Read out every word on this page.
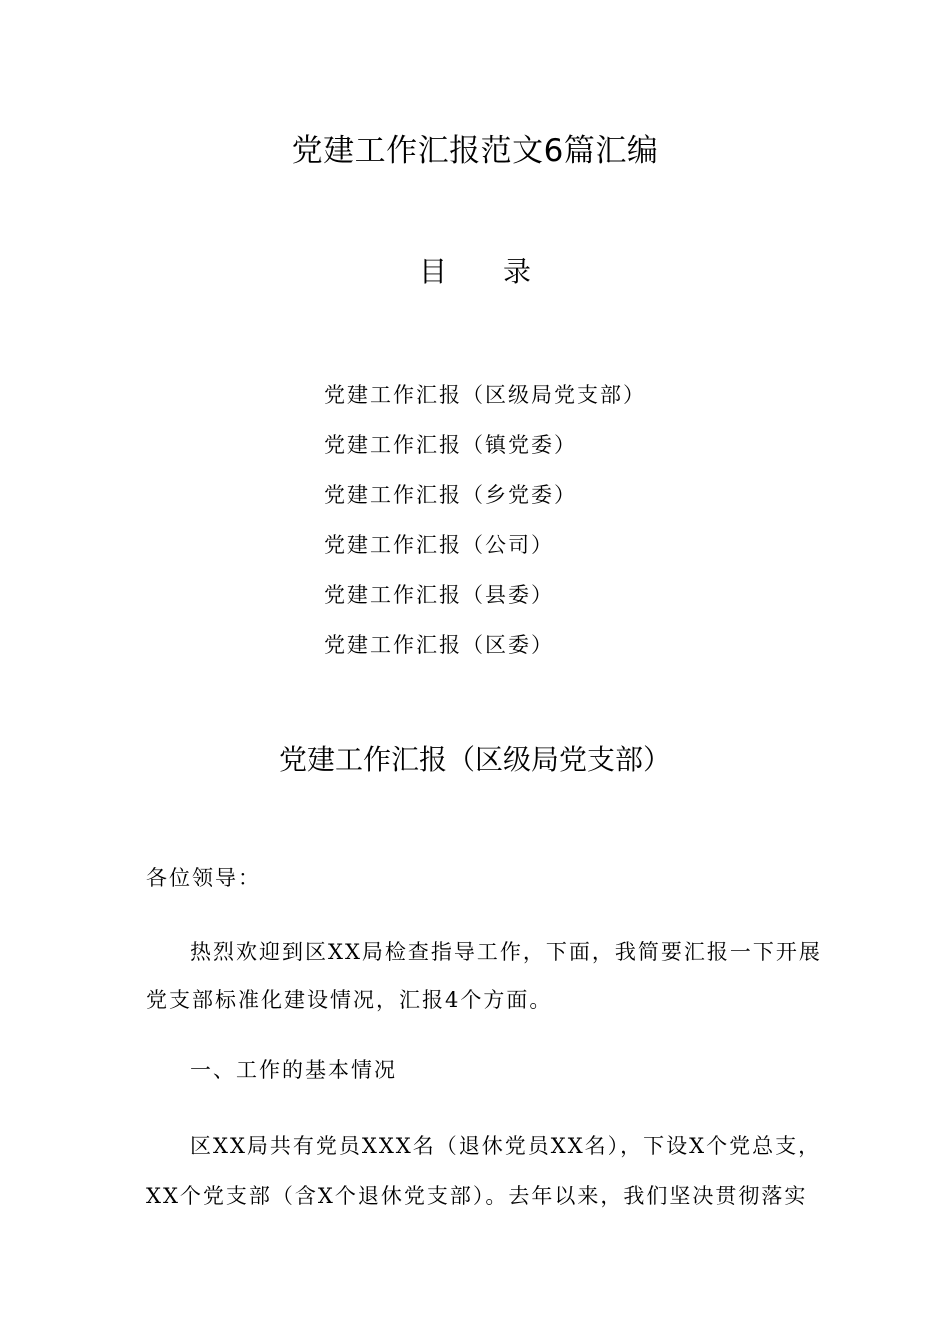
党建工作汇报范文6篇汇编
目 录
党建工作汇报（区级局党支部）
党建工作汇报（镇党委）
党建工作汇报（乡党委）
党建工作汇报（公司）
党建工作汇报（县委）
党建工作汇报（区委）
党建工作汇报（区级局党支部）
各位领导：
热烈欢迎到区XX局检查指导工作，下面，我简要汇报一下开展
党支部标准化建设情况，汇报4个方面。
一、工作的基本情况
区XX局共有党员XXX名（退休党员XX名），下设X个党总支，
XX个党支部（含X个退休党支部）。去年以来，我们坚决贯彻落实
